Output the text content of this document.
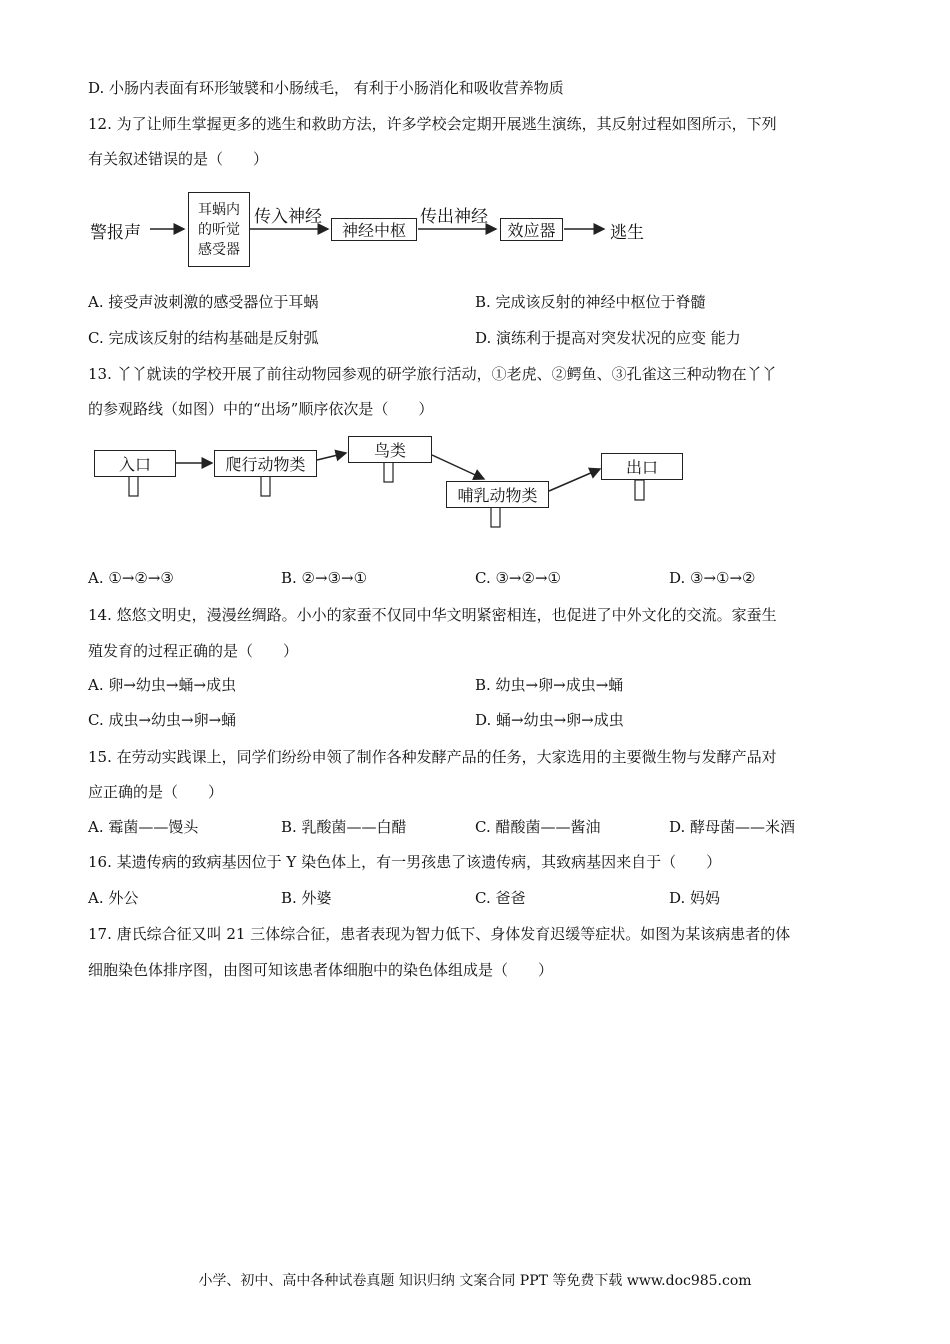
D. 小肠内表面有环形皱襞和小肠绒毛， 有利于小肠消化和吸收营养物质
12. 为了让师生掌握更多的逃生和救助方法，许多学校会定期开展逃生演练，其反射过程如图所示，下列
有关叙述错误的是（　　）
警报声
耳蜗内
的听觉
感受器
传入神经
神经中枢
传出神经
效应器	逃生
A. 接受声波刺激的感受器位于耳蜗	B. 完成该反射的神经中枢位于脊髓
C. 完成该反射的结构基础是反射弧	D. 演练利于提高对突发状况的应变 能力
13. 丫丫就读的学校开展了前往动物园参观的研学旅行活动，①老虎、②鳄鱼、③孔雀这三种动物在丫丫
的参观路线（如图）中的“出场”顺序依次是（　　）
入口	爬行动物类
鸟类
哺乳动物类
出口
A. ①→②→③	B. ②→③→①	C. ③→②→①	D. ③→①→②
14. 悠悠文明史，漫漫丝绸路。小小的家蚕不仅同中华文明紧密相连，也促进了中外文化的交流。家蚕生
殖发育的过程正确的是（　　）
A. 卵→幼虫→蛹→成虫	B. 幼虫→卵→成虫→蛹
C. 成虫→幼虫→卵→蛹	D. 蛹→幼虫→卵→成虫
15. 在劳动实践课上，同学们纷纷申领了制作各种发酵产品的任务，大家选用的主要微生物与发酵产品对
应正确的是（　　）
A. 霉菌——馒头	B. 乳酸菌——白醋	C. 醋酸菌——酱油	D. 酵母菌——米酒
16. 某遗传病的致病基因位于 Y 染色体上，有一男孩患了该遗传病，其致病基因来自于（　　）
A. 外公	B. 外婆	C. 爸爸	D. 妈妈
17. 唐氏综合征又叫 21 三体综合征，患者表现为智力低下、身体发育迟缓等症状。如图为某该病患者的体
细胞染色体排序图，由图可知该患者体细胞中的染色体组成是（　　）
小学、初中、高中各种试卷真题 知识归纳 文案合同 PPT 等免费下载 www.doc985.com
